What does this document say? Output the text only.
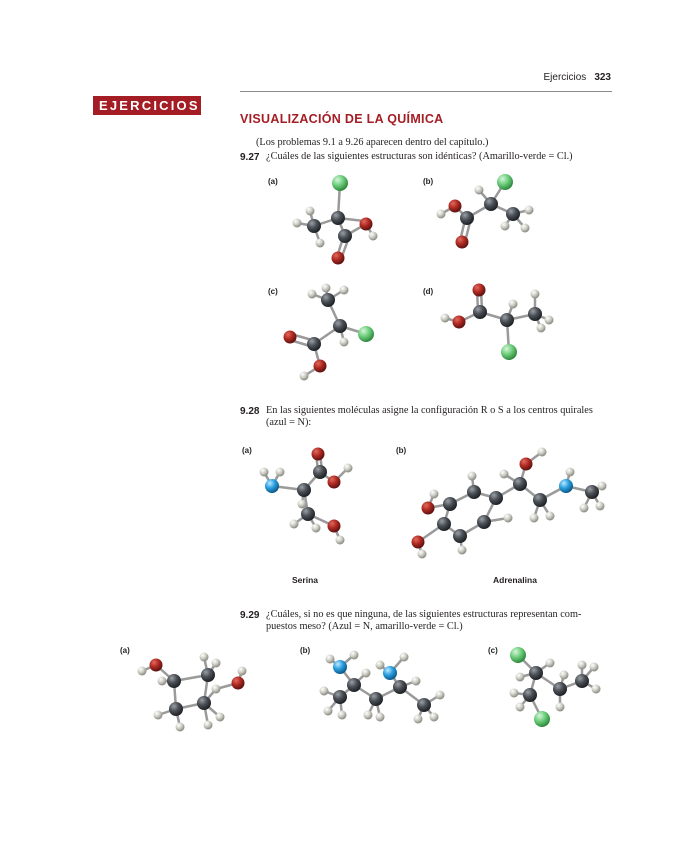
Ejercicios 323
EJERCICIOS
VISUALIZACIÓN DE LA QUÍMICA
(Los problemas 9.1 a 9.26 aparecen dentro del capítulo.)
9.27 ¿Cuáles de las siguientes estructuras son idénticas? (Amarillo-verde = Cl.)
(a)	(b)
(c)	(d)
9.28 En las siguientes moléculas asigne la configuración R o S a los centros quirales
(azul = N):
(a)	(b)
Serina	Adrenalina
9.29 ¿Cuáles, si no es que ninguna, de las siguientes estructuras representan com-
puestos meso? (Azul = N, amarillo-verde = Cl.)
(a)	(b)	(c)
